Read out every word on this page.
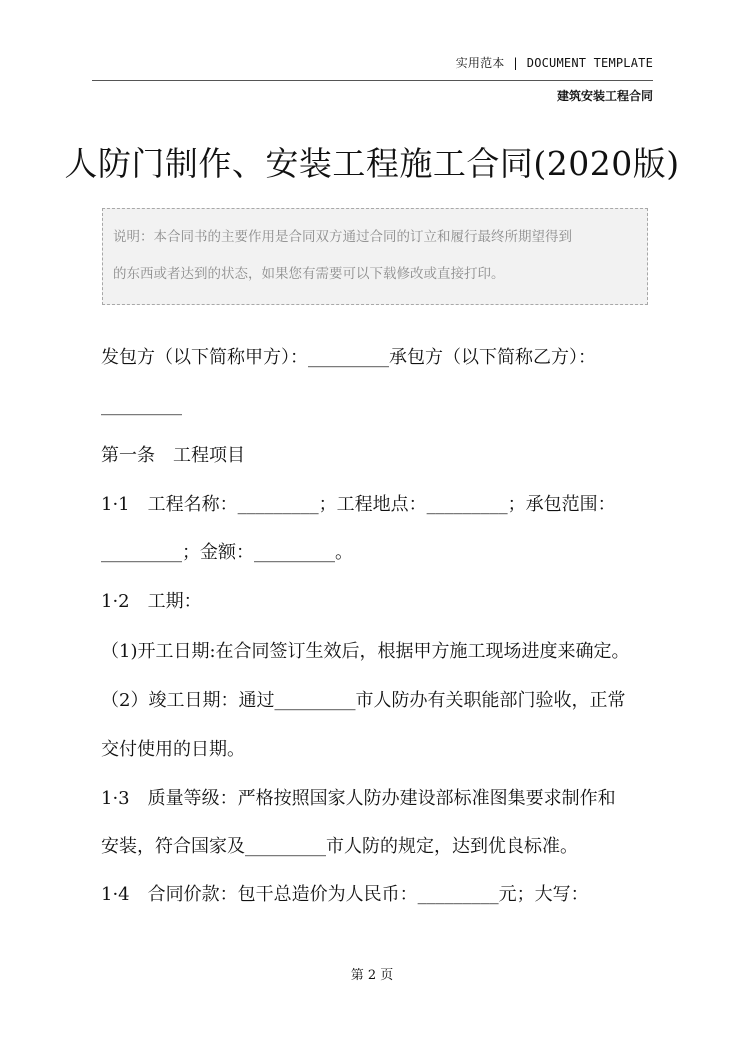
实用范本 | DOCUMENT TEMPLATE
建筑安装工程合同
人防门制作、安装工程施工合同(2020版)
说明：本合同书的主要作用是合同双方通过合同的订立和履行最终所期望得到
的东西或者达到的状态，如果您有需要可以下载修改或直接打印。
发包方（以下简称甲方）：_________承包方（以下简称乙方）：
_________
第一条　工程项目
1·1　工程名称：_________；工程地点：_________；承包范围：
_________；金额：_________。
1·2　工期：
（1)开工日期:在合同签订生效后，根据甲方施工现场进度来确定。
（2）竣工日期：通过_________市人防办有关职能部门验收，正常
交付使用的日期。
1·3　质量等级：严格按照国家人防办建设部标准图集要求制作和
安装，符合国家及_________市人防的规定，达到优良标准。
1·4　合同价款：包干总造价为人民币：_________元；大写：
第 2 页
